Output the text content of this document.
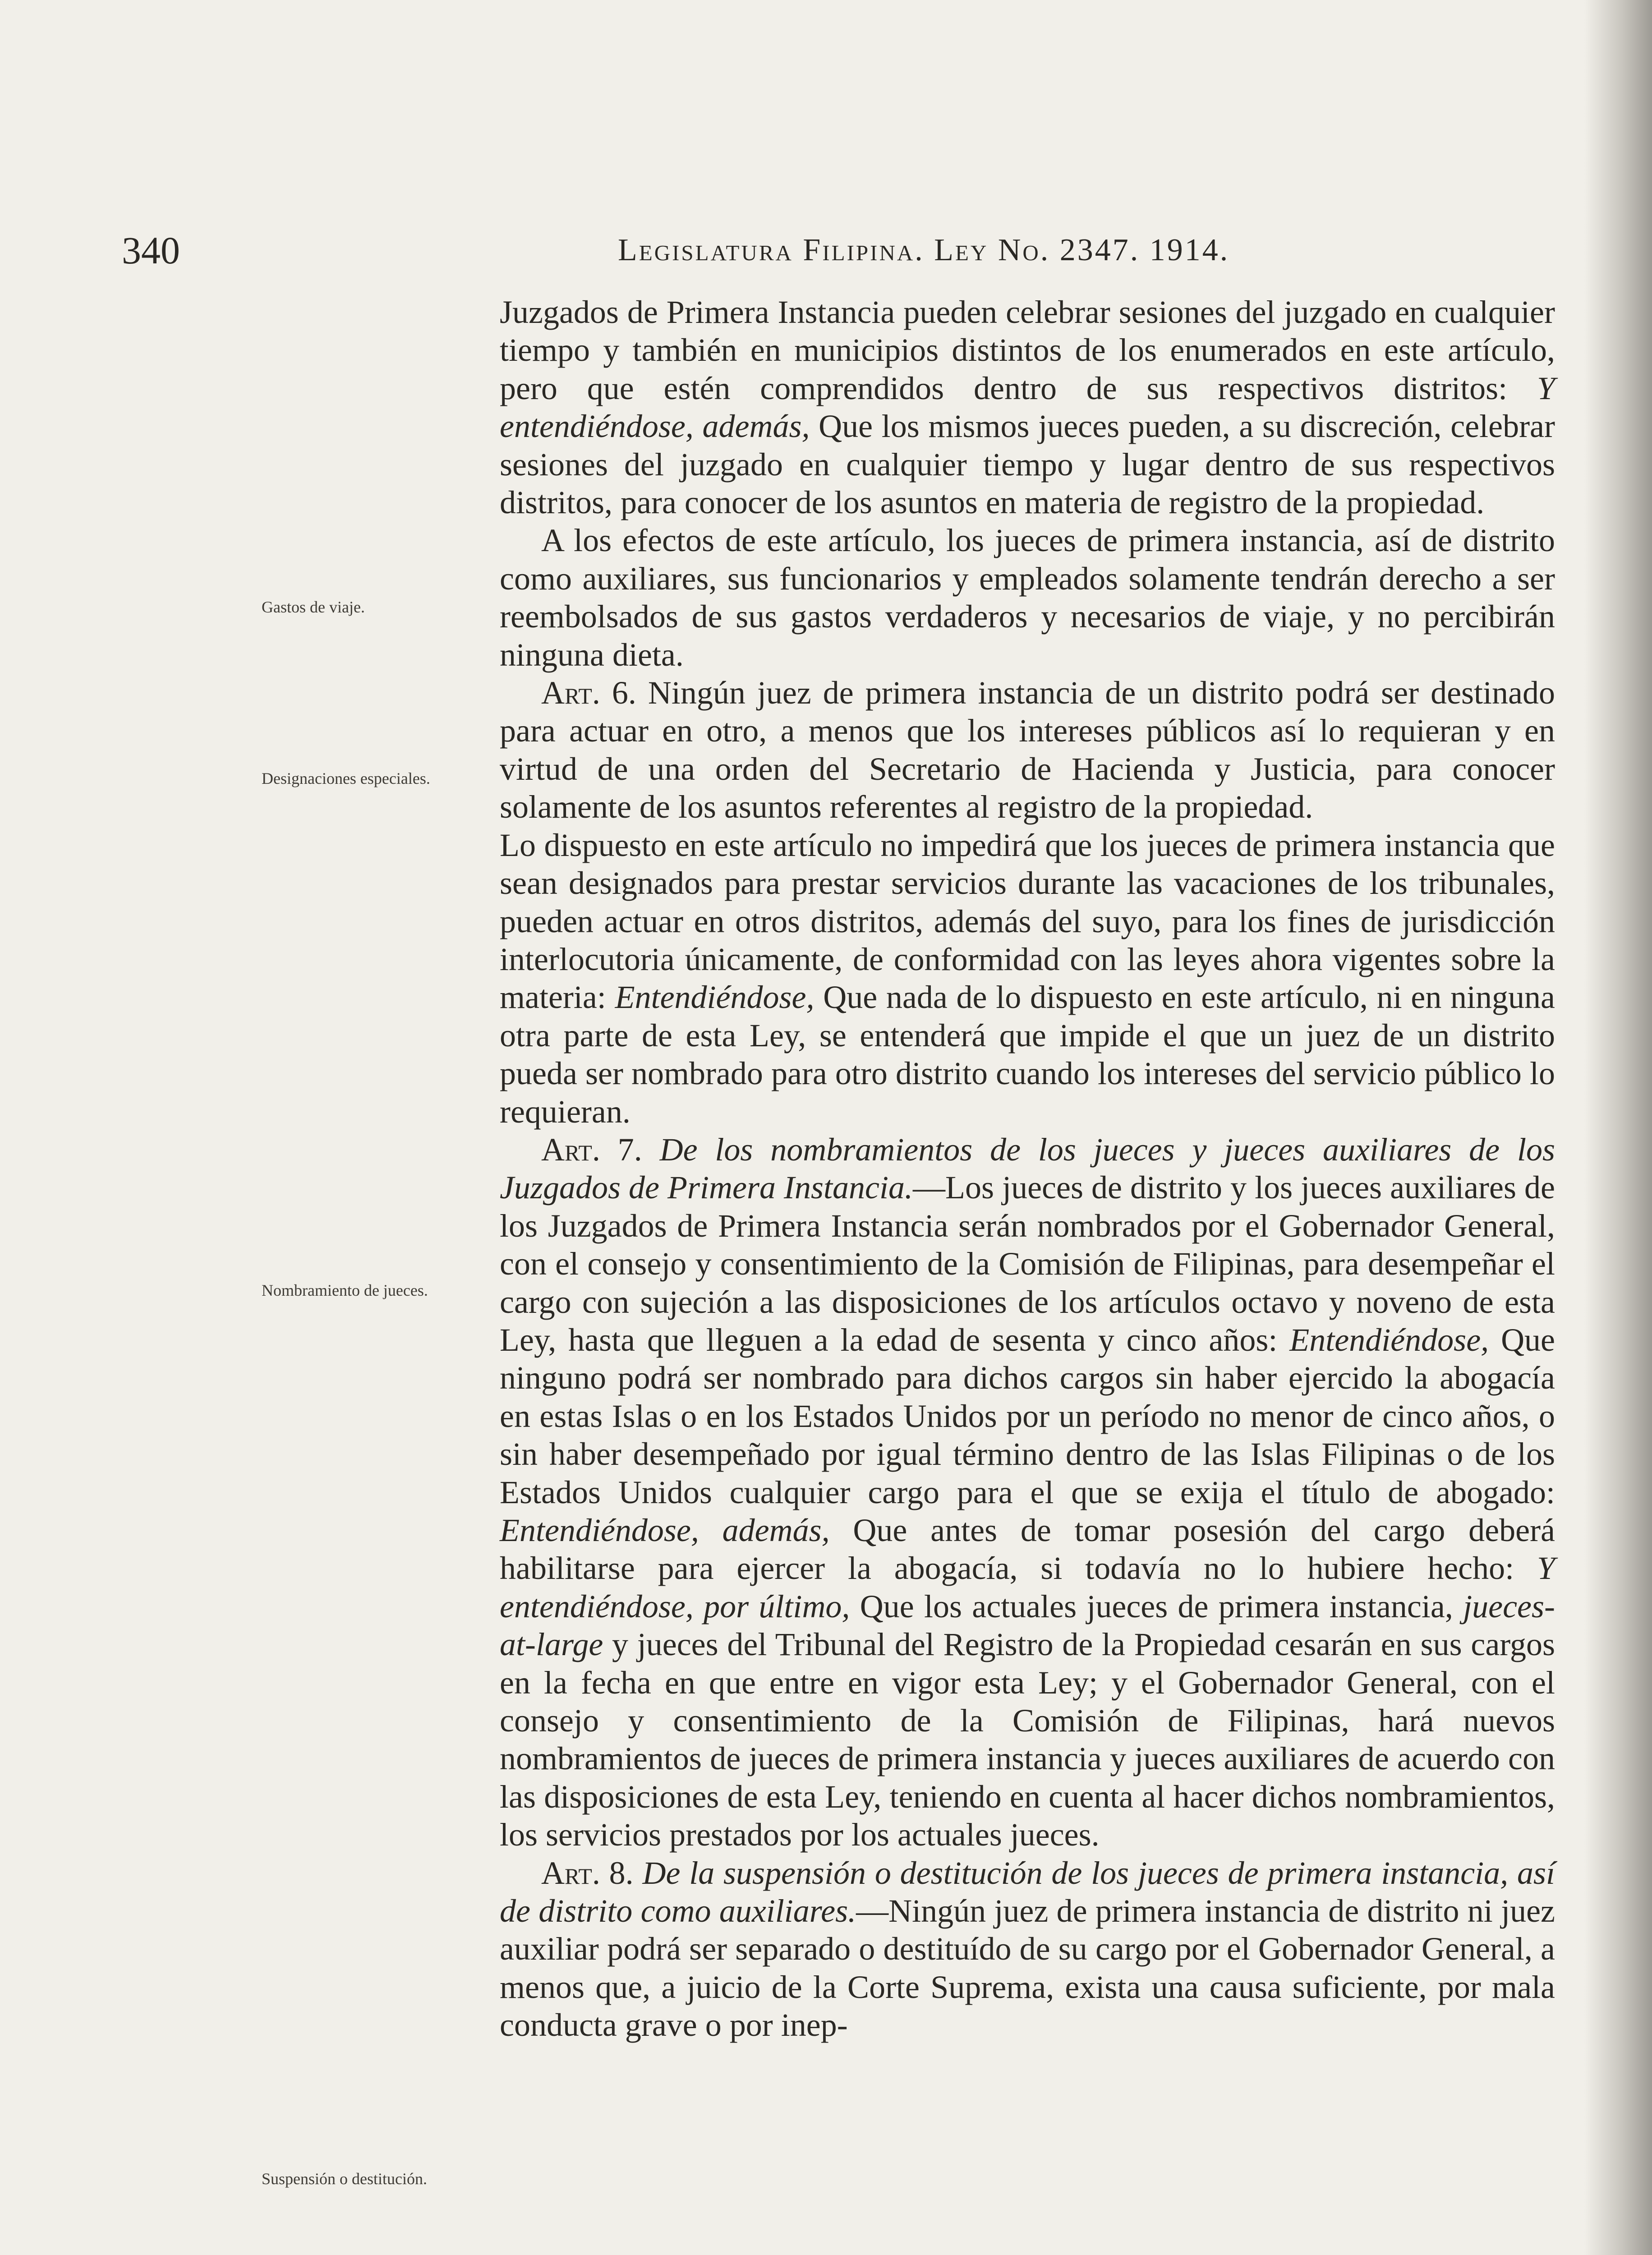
340	Legislatura Filipina. Ley No. 2347. 1914.
Gastos de viaje.
Designaciones especiales.
Nombramiento de jueces.
Suspensión o destitución.

Juzgados de Primera Instancia pueden celebrar sesiones del juzgado en cualquier tiempo y también en municipios distintos de los enumerados en este artículo, pero que estén comprendidos dentro de sus respectivos distritos: Y entendiéndose, además, Que los mismos jueces pueden, a su discreción, celebrar sesiones del juzgado en cualquier tiempo y lugar dentro de sus respectivos distritos, para conocer de los asuntos en materia de registro de la propiedad.

A los efectos de este artículo, los jueces de primera instancia, así de distrito como auxiliares, sus funcionarios y empleados solamente tendrán derecho a ser reembolsados de sus gastos verdaderos y necesarios de viaje, y no percibirán ninguna dieta.

Art. 6. Ningún juez de primera instancia de un distrito podrá ser destinado para actuar en otro, a menos que los intereses públicos así lo requieran y en virtud de una orden del Secretario de Hacienda y Justicia, para conocer solamente de los asuntos referentes al registro de la propiedad.

Lo dispuesto en este artículo no impedirá que los jueces de primera instancia que sean designados para prestar servicios durante las vacaciones de los tribunales, pueden actuar en otros distritos, además del suyo, para los fines de jurisdicción interlocutoria únicamente, de conformidad con las leyes ahora vigentes sobre la materia: Entendiéndose, Que nada de lo dispuesto en este artículo, ni en ninguna otra parte de esta Ley, se entenderá que impide el que un juez de un distrito pueda ser nombrado para otro distrito cuando los intereses del servicio público lo requieran.

Art. 7. De los nombramientos de los jueces y jueces auxiliares de los Juzgados de Primera Instancia.—Los jueces de distrito y los jueces auxiliares de los Juzgados de Primera Instancia serán nombrados por el Gobernador General, con el consejo y consentimiento de la Comisión de Filipinas, para desempeñar el cargo con sujeción a las disposiciones de los artículos octavo y noveno de esta Ley, hasta que lleguen a la edad de sesenta y cinco años: Entendiéndose, Que ninguno podrá ser nombrado para dichos cargos sin haber ejercido la abogacía en estas Islas o en los Estados Unidos por un período no menor de cinco años, o sin haber desempeñado por igual término dentro de las Islas Filipinas o de los Estados Unidos cualquier cargo para el que se exija el título de abogado: Entendiéndose, además, Que antes de tomar posesión del cargo deberá habilitarse para ejercer la abogacía, si todavía no lo hubiere hecho: Y entendiéndose, por último, Que los actuales jueces de primera instancia, jueces-at-large y jueces del Tribunal del Registro de la Propiedad cesarán en sus cargos en la fecha en que entre en vigor esta Ley; y el Gobernador General, con el consejo y consentimiento de la Comisión de Filipinas, hará nuevos nombramientos de jueces de primera instancia y jueces auxiliares de acuerdo con las disposiciones de esta Ley, teniendo en cuenta al hacer dichos nombramientos, los servicios prestados por los actuales jueces.

Art. 8. De la suspensión o destitución de los jueces de primera instancia, así de distrito como auxiliares.—Ningún juez de primera instancia de distrito ni juez auxiliar podrá ser separado o destituído de su cargo por el Gobernador General, a menos que, a juicio de la Corte Suprema, exista una causa suficiente, por mala conducta grave o por inep-
